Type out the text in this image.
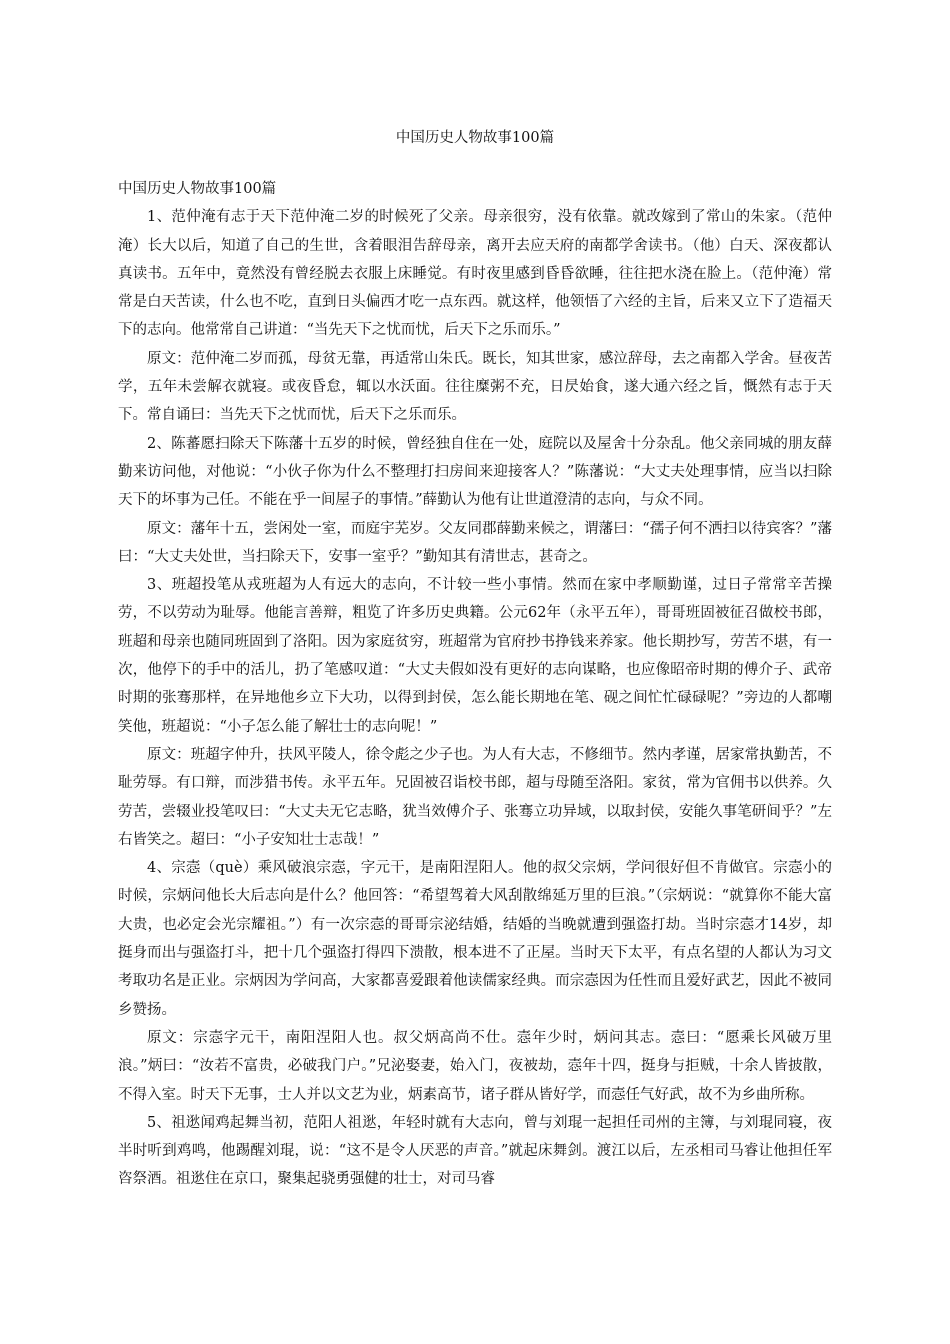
中国历史人物故事100篇

中国历史人物故事100篇

1、范仲淹有志于天下范仲淹二岁的时候死了父亲。母亲很穷，没有依靠。就改嫁到了常山的朱家。（范仲淹）长大以后，知道了自己的生世，含着眼泪告辞母亲，离开去应天府的南都学舍读书。（他）白天、深夜都认真读书。五年中，竟然没有曾经脱去衣服上床睡觉。有时夜里感到昏昏欲睡，往往把水浇在脸上。（范仲淹）常常是白天苦读，什么也不吃，直到日头偏西才吃一点东西。就这样，他领悟了六经的主旨，后来又立下了造福天下的志向。他常常自己讲道：“当先天下之忧而忧，后天下之乐而乐。”

原文：范仲淹二岁而孤，母贫无靠，再适常山朱氏。既长，知其世家，感泣辞母，去之南都入学舍。昼夜苦学，五年未尝解衣就寝。或夜昏怠，辄以水沃面。往往糜粥不充，日昃始食，遂大通六经之旨，慨然有志于天下。常自诵曰：当先天下之忧而忧，后天下之乐而乐。

2、陈蕃愿扫除天下陈藩十五岁的时候，曾经独自住在一处，庭院以及屋舍十分杂乱。他父亲同城的朋友薛勤来访问他，对他说：“小伙子你为什么不整理打扫房间来迎接客人？”陈藩说：“大丈夫处理事情，应当以扫除天下的坏事为己任。不能在乎一间屋子的事情。”薛勤认为他有让世道澄清的志向，与众不同。

原文：藩年十五，尝闲处一室，而庭宇芜岁。父友同郡薛勤来候之，谓藩曰：“孺子何不洒扫以待宾客？”藩曰：“大丈夫处世，当扫除天下，安事一室乎？”勤知其有清世志，甚奇之。

3、班超投笔从戎班超为人有远大的志向，不计较一些小事情。然而在家中孝顺勤谨，过日子常常辛苦操劳，不以劳动为耻辱。他能言善辩，粗览了许多历史典籍。公元62年（永平五年），哥哥班固被征召做校书郎，班超和母亲也随同班固到了洛阳。因为家庭贫穷，班超常为官府抄书挣钱来养家。他长期抄写，劳苦不堪，有一次，他停下的手中的活儿，扔了笔感叹道：“大丈夫假如没有更好的志向谋略，也应像昭帝时期的傅介子、武帝时期的张骞那样，在异地他乡立下大功，以得到封侯，怎么能长期地在笔、砚之间忙忙碌碌呢？”旁边的人都嘲笑他，班超说：“小子怎么能了解壮士的志向呢！”

原文：班超字仲升，扶风平陵人，徐令彪之少子也。为人有大志，不修细节。然内孝谨，居家常执勤苦，不耻劳辱。有口辩，而涉猎书传。永平五年。兄固被召诣校书郎，超与母随至洛阳。家贫，常为官佣书以供养。久劳苦，尝辍业投笔叹曰：“大丈夫无它志略，犹当效傅介子、张骞立功异域，以取封侯，安能久事笔研间乎？”左右皆笑之。超曰：“小子安知壮士志哉！”

4、宗悫（què）乘风破浪宗悫，字元干，是南阳涅阳人。他的叔父宗炳，学问很好但不肯做官。宗悫小的时候，宗炳问他长大后志向是什么？他回答：“希望驾着大风刮散绵延万里的巨浪。”（宗炳说：“就算你不能大富大贵，也必定会光宗耀祖。”）有一次宗悫的哥哥宗泌结婚，结婚的当晚就遭到强盗打劫。当时宗悫才14岁，却挺身而出与强盗打斗，把十几个强盗打得四下溃散，根本进不了正屋。当时天下太平，有点名望的人都认为习文考取功名是正业。宗炳因为学问高，大家都喜爱跟着他读儒家经典。而宗悫因为任性而且爱好武艺，因此不被同乡赞扬。

原文：宗悫字元干，南阳涅阳人也。叔父炳高尚不仕。悫年少时，炳问其志。悫曰：“愿乘长风破万里浪。”炳曰：“汝若不富贵，必破我门户。”兄泌娶妻，始入门，夜被劫，悫年十四，挺身与拒贼，十余人皆披散，不得入室。时天下无事，士人并以文艺为业，炳素高节，诸子群从皆好学，而悫任气好武，故不为乡曲所称。

5、祖逖闻鸡起舞当初，范阳人祖逖，年轻时就有大志向，曾与刘琨一起担任司州的主簿，与刘琨同寝，夜半时听到鸡鸣，他踢醒刘琨，说：“这不是令人厌恶的声音。”就起床舞剑。渡江以后，左丞相司马睿让他担任军咨祭酒。祖逖住在京口，聚集起骁勇强健的壮士，对司马睿
